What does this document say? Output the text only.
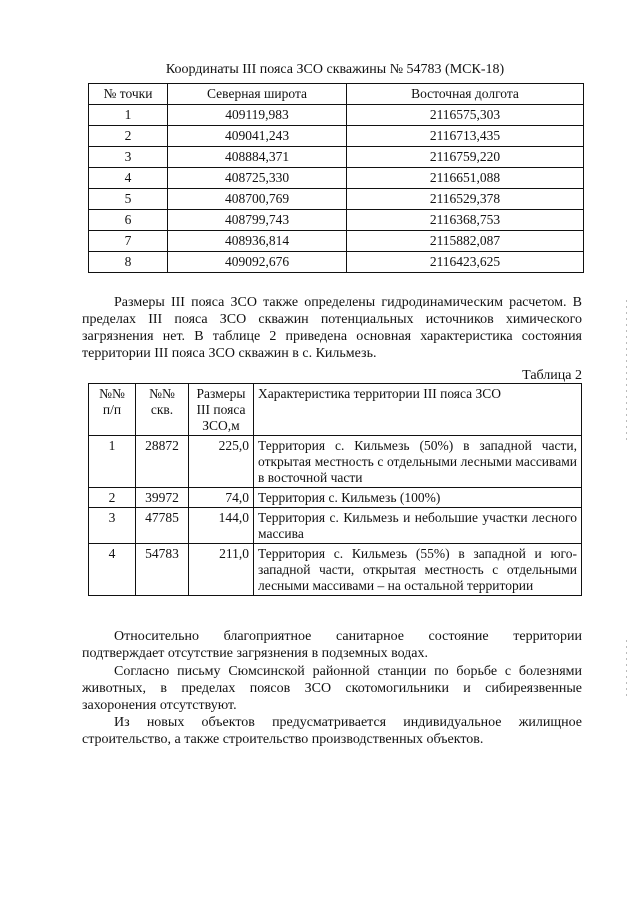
Координаты III пояса ЗСО скважины № 54783 (МСК-18)
№ точки	Северная широта	Восточная долгота
1	409119,983	2116575,303
2	409041,243	2116713,435
3	408884,371	2116759,220
4	408725,330	2116651,088
5	408700,769	2116529,378
6	408799,743	2116368,753
7	408936,814	2115882,087
8	409092,676	2116423,625

Размеры III пояса ЗСО также определены гидродинамическим расчетом. В пределах III пояса ЗСО скважин потенциальных источников химического загрязнения нет. В таблице 2 приведена основная характеристика состояния территории III пояса ЗСО скважин в с. Кильмезь.

Таблица 2
№№ п/п	№№ скв.	Размеры III пояса ЗСО,м	Характеристика территории III пояса ЗСО
1	28872	225,0	Территория с. Кильмезь (50%) в западной части, открытая местность с отдельными лесными массивами в восточной части
2	39972	74,0	Территория с. Кильмезь (100%)
3	47785	144,0	Территория с. Кильмезь и небольшие участки лесного массива
4	54783	211,0	Территория с. Кильмезь (55%) в западной и юго-западной части, открытая местность с отдельными лесными массивами – на остальной территории

Относительно благоприятное санитарное состояние территории подтверждает отсутствие загрязнения в подземных водах.

Согласно письму Сюмсинской районной станции по борьбе с болезнями животных, в пределах поясов ЗСО скотомогильники и сибиреязвенные захоронения отсутствуют.

Из новых объектов предусматривается индивидуальное жилищное строительство, а также строительство производственных объектов.
